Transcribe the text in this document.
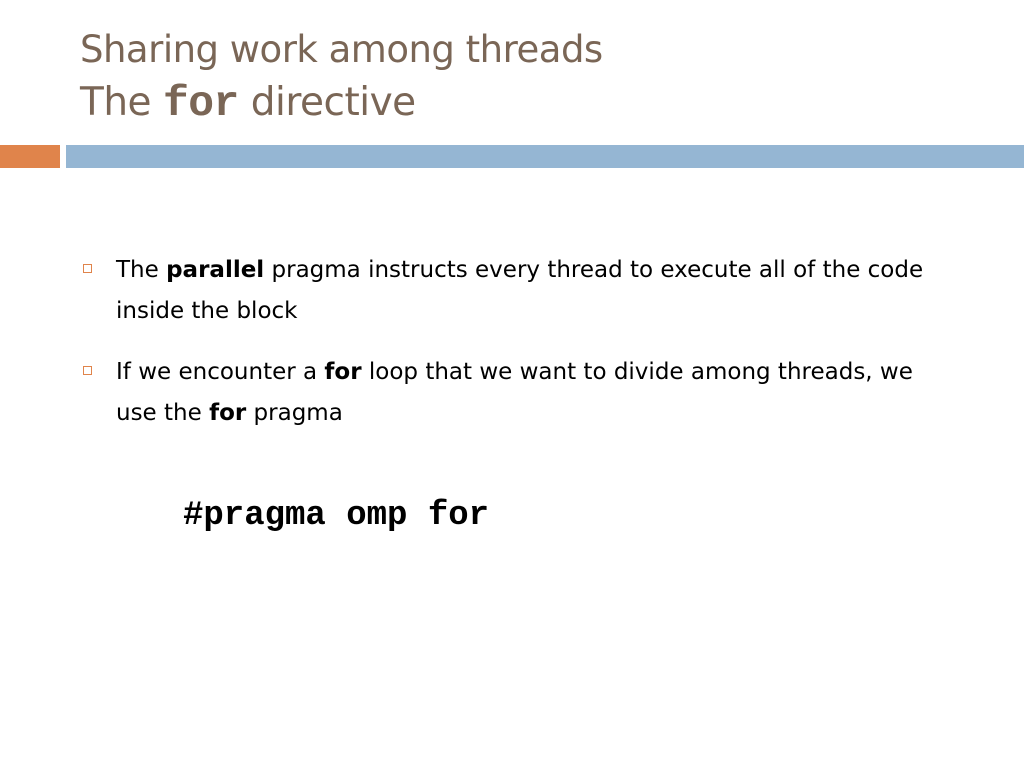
Sharing work among threads
The for directive
The parallel pragma instructs every thread to execute all of the code inside the block
If we encounter a for loop that we want to divide among threads, we use the for pragma
#pragma omp for
